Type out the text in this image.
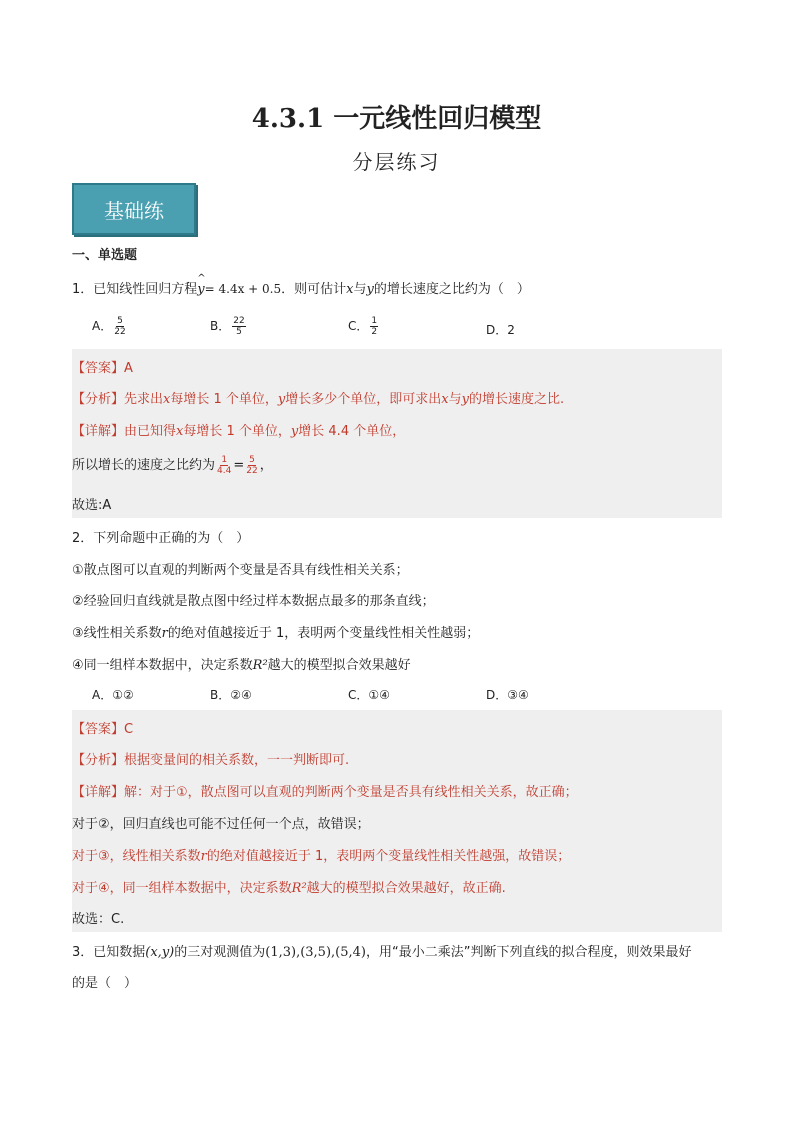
4.3.1 一元线性回归模型
分层练习
基础练
一、单选题
1．已知线性回归方程^ y= 4.4x + 0.5．则可估计x与y的增长速度之比约为（　）
A． $\frac{5}{22}$	B． $\frac{22}{5}$	C． $\frac{1}{2}$	D．2
【答案】A
【分析】先求出x每增长 1 个单位，y增长多少个单位，即可求出x与y的增长速度之比.
【详解】由已知得x每增长 1 个单位，y增长 4.4 个单位，
所以增长的速度之比约为 $\frac{1}{4.4} = \frac{5}{22}$ ，
故选:A
2．下列命题中正确的为（　）
①散点图可以直观的判断两个变量是否具有线性相关关系；
②经验回归直线就是散点图中经过样本数据点最多的那条直线；
③线性相关系数r的绝对值越接近于 1，表明两个变量线性相关性越弱；
④同一组样本数据中，决定系数R²越大的模型拟合效果越好
A．①②	B．②④	C．①④	D．③④
【答案】C
【分析】根据变量间的相关系数，一一判断即可.
【详解】解：对于①，散点图可以直观的判断两个变量是否具有线性相关关系，故正确；
对于②，回归直线也可能不过任何一个点，故错误；
对于③，线性相关系数r的绝对值越接近于 1，表明两个变量线性相关性越强，故错误；
对于④，同一组样本数据中，决定系数R²越大的模型拟合效果越好，故正确.
故选：C.
3．已知数据(x,y)的三对观测值为(1,3),(3,5),(5,4)，用“最小二乘法”判断下列直线的拟合程度，则效果最好
的是（　）
